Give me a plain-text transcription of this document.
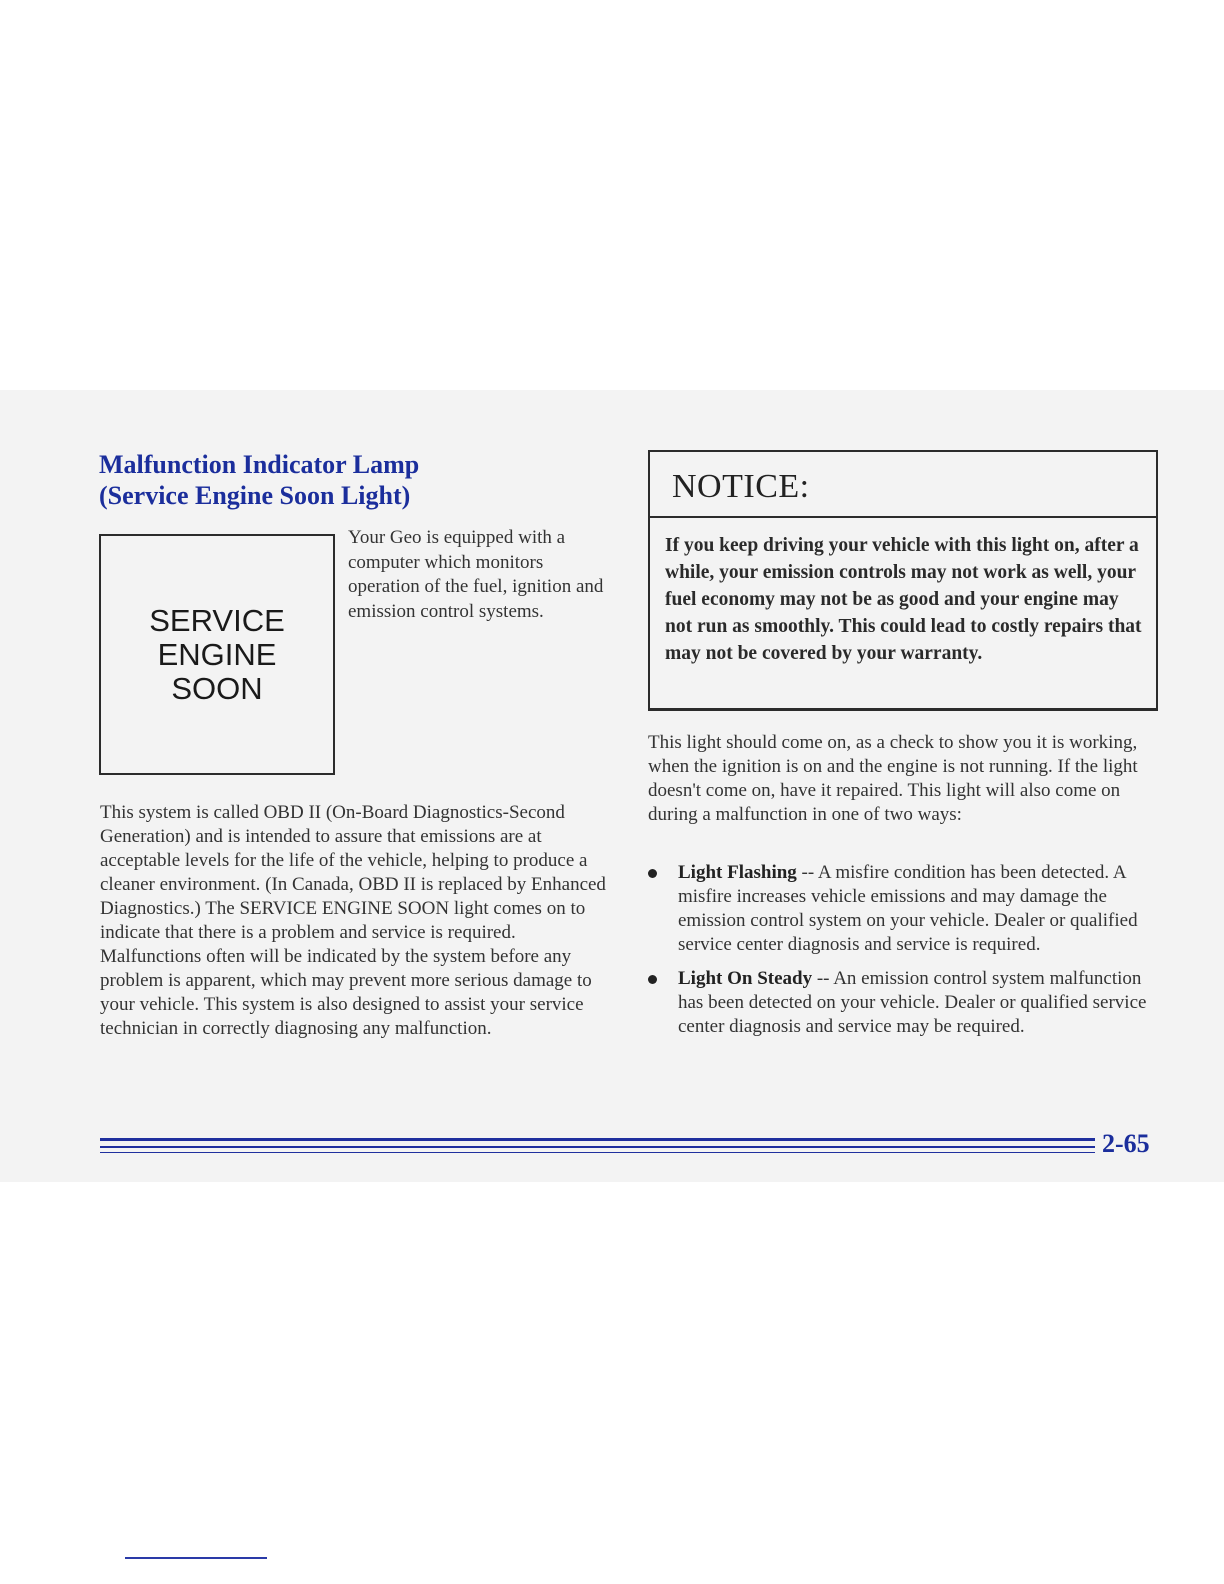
Malfunction Indicator Lamp
(Service Engine Soon Light)
SERVICE
ENGINE
SOON

Your Geo is equipped with a computer which monitors operation of the fuel, ignition and emission control systems.

This system is called OBD II (On-Board Diagnostics-Second Generation) and is intended to assure that emissions are at acceptable levels for the life of the vehicle, helping to produce a cleaner environment. (In Canada, OBD II is replaced by Enhanced Diagnostics.) The SERVICE ENGINE SOON light comes on to indicate that there is a problem and service is required. Malfunctions often will be indicated by the system before any problem is apparent, which may prevent more serious damage to your vehicle. This system is also designed to assist your service technician in correctly diagnosing any malfunction.

NOTICE:

If you keep driving your vehicle with this light on, after a while, your emission controls may not work as well, your fuel economy may not be as good and your engine may not run as smoothly. This could lead to costly repairs that may not be covered by your warranty.

This light should come on, as a check to show you it is working, when the ignition is on and the engine is not running. If the light doesn't come on, have it repaired. This light will also come on during a malfunction in one of two ways:

Light Flashing -- A misfire condition has been detected. A misfire increases vehicle emissions and may damage the emission control system on your vehicle. Dealer or qualified service center diagnosis and service is required.
Light On Steady -- An emission control system malfunction has been detected on your vehicle. Dealer or qualified service center diagnosis and service may be required.
2-65
